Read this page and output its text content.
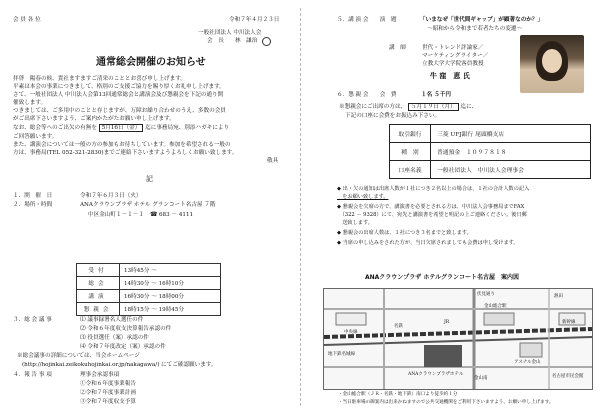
会 員 各 位	令和７年４月２３日
一般社団法人 中川法人会
会　長　　林　謙治
通常総会開催のお知らせ
拝啓　陽春の候、貴社ますますご清栄のこととお喜び申し上げます。
平素は本会の事業につきまして、格別のご支援ご協力を賜り厚くお礼申し上げます。
さて、一般社団法人 中川法人会第13回通常総会と講演会及び懇親会を下記の通り開
催致します。
つきましては、ご多用中のことと存じますが、万障お繰り合わせのうえ、多数の会員
がご出席下さいますよう、ご案内かたがたお願い申し上げます。
なお、総会等へのご出欠の有無を 5月16日（金） 迄に事務局宛、別添ハガキにより
ご回答願います。
また、講演会については一般の方の参加もお待ちしています。参加を希望される一般の
方は、事務局(TEL 052-321-2830)までご連絡下さいますようよろしくお願い致します。
敬具
記
１．開　催　日	令和７年６月３日（火）
２．場所・時間	ANAクラウンプラザ ホテル グランコート名古屋 ７階
中区金山町１－１－１ ☎ 683 － 4111
受付	13時45分 ～
総会	14時30分 ～ 16時10分
講演	16時30分 ～ 18時00分
懇親会	18時15分 ～ 19時45分
３．総 会 議 事	⑴ 議事録署名人選任の件
⑵ 令和６年度収支決算報告承認の件
⑶ 役員選任（案）承認の件
⑷ 令和７年度改定（案）承認の件
※総会議事の詳細については、当会ホームページ
(http://hojinkai.zeikokuhojinkai.or.jp/nakagawa/) にてご確認願います。
４．報 告 事 項	理事会承認事項
①令和６年度事業報告
②令和７年度事業計画
③令和７年度収支予算
５．講 演 会　　演　題	「いまなぜ「世代間ギャップ」が顕著なのか？」
～昭和から令和まで若者たちの変遷～
講　師	世代・トレンド評論家／
マーケティングライター／
立教大学大学院客員教授
牛 窪　恵 氏
６．懇 親 会　　会　費	１名 ５千円
※懇親会にご出席の方は、 ５月１９日（月） 迄に、
下記の口座に会費をお振込み下さい。
取引銀行	三菱 UFJ銀行 尾頭橋支店
種　別	普通預金　１０９７８１８
口座名義	一般社団法人　中川法人会理事会
◆ 出・欠の通知は出席人数が１社につき２名以上の場合は、１社の合計人数の記入
　をお願い致します。
◆ 懇親会を欠席の方で、講演書を必要とされる方は、中川法人会事務局までFAX
　（322 － 9328）にて、宛先と講演書を希望と明記の上ご連絡ください。後日郵
　送致します。
◆ 懇親会の出席人数は、１社につき３名までと致します。
◆ 当席の申し込みをされた方が、当日欠席されましても会費は申し受けます。
ANAクラウンプラザ ホテルグランコート名古屋　案内図
金山総合駅
ANAクラウンプラザホテル
アスナル金山
金山南	名古屋市民会館
地下鉄名城線
名鉄
JR
伏見通り
新幹線
中央線
熱田
・金山総合駅（ＪＲ・名鉄・地下鉄）南口より徒歩約１分
・当日駐車場の御案内は出来かねますので公共交通機関をご利用下さいますよう、お願い申し上げます。
